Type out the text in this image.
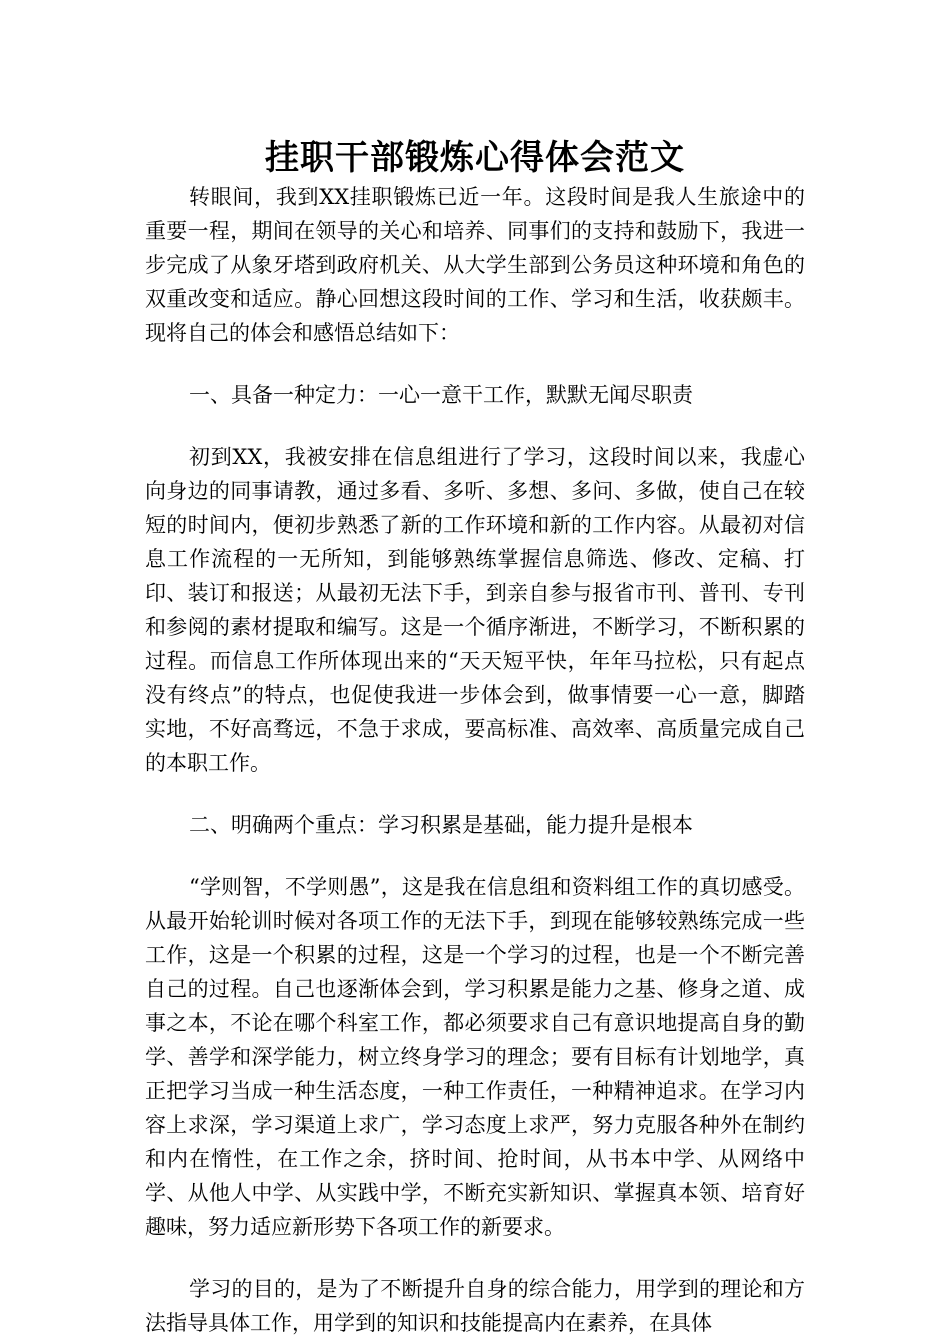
挂职干部锻炼心得体会范文

转眼间，我到XX挂职锻炼已近一年。这段时间是我人生旅途中的重要一程，期间在领导的关心和培养、同事们的支持和鼓励下，我进一步完成了从象牙塔到政府机关、从大学生部到公务员这种环境和角色的双重改变和适应。静心回想这段时间的工作、学习和生活，收获颇丰。现将自己的体会和感悟总结如下：

一、具备一种定力：一心一意干工作，默默无闻尽职责

初到XX，我被安排在信息组进行了学习，这段时间以来，我虚心向身边的同事请教，通过多看、多听、多想、多问、多做，使自己在较短的时间内，便初步熟悉了新的工作环境和新的工作内容。从最初对信息工作流程的一无所知，到能够熟练掌握信息筛选、修改、定稿、打印、装订和报送；从最初无法下手，到亲自参与报省市刊、普刊、专刊和参阅的素材提取和编写。这是一个循序渐进，不断学习，不断积累的过程。而信息工作所体现出来的“天天短平快，年年马拉松，只有起点没有终点”的特点，也促使我进一步体会到，做事情要一心一意，脚踏实地，不好高骛远，不急于求成，要高标准、高效率、高质量完成自己的本职工作。

二、明确两个重点：学习积累是基础，能力提升是根本

“学则智，不学则愚”，这是我在信息组和资料组工作的真切感受。从最开始轮训时候对各项工作的无法下手，到现在能够较熟练完成一些工作，这是一个积累的过程，这是一个学习的过程，也是一个不断完善自己的过程。自己也逐渐体会到，学习积累是能力之基、修身之道、成事之本，不论在哪个科室工作，都必须要求自己有意识地提高自身的勤学、善学和深学能力，树立终身学习的理念；要有目标有计划地学，真正把学习当成一种生活态度，一种工作责任，一种精神追求。在学习内容上求深，学习渠道上求广，学习态度上求严，努力克服各种外在制约和内在惰性，在工作之余，挤时间、抢时间，从书本中学、从网络中学、从他人中学、从实践中学，不断充实新知识、掌握真本领、培育好趣味，努力适应新形势下各项工作的新要求。

学习的目的，是为了不断提升自身的综合能力，用学到的理论和方法指导具体工作，用学到的知识和技能提高内在素养，在具体
